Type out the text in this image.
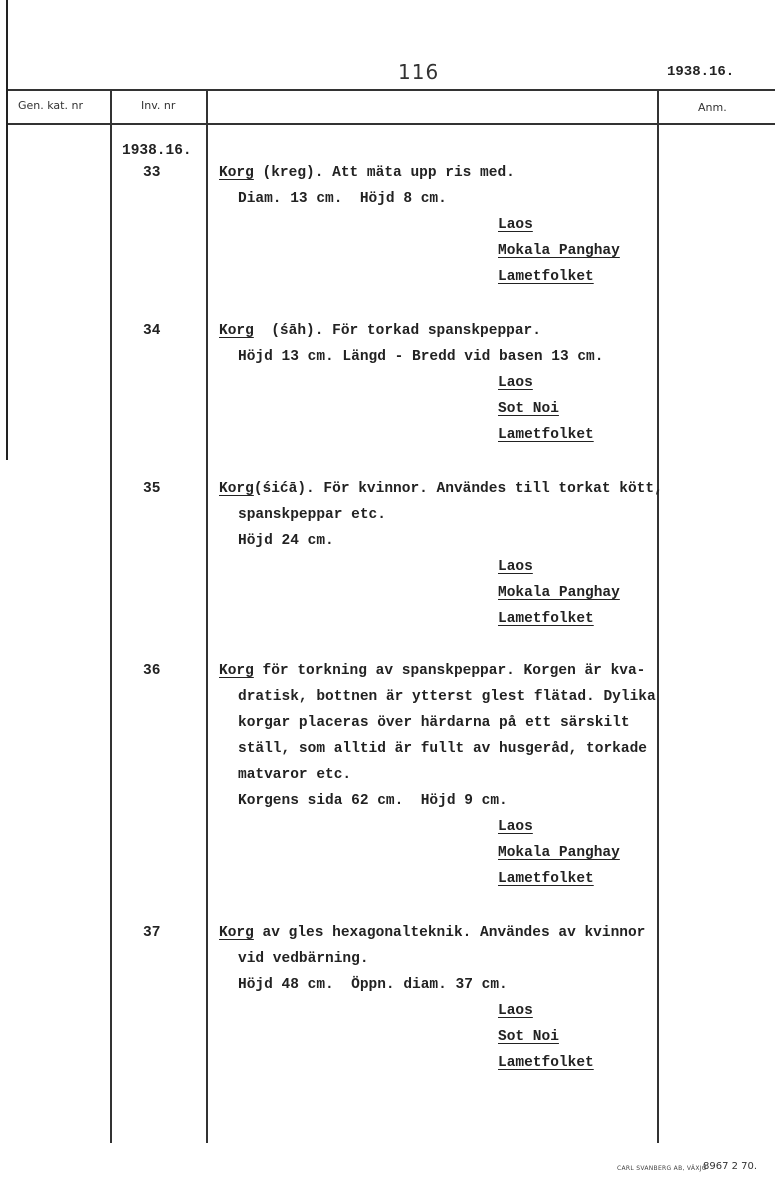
116	1938.16.
Gen. kat. nr	Inv. nr	Anm.
1938.16.
33	Korg (kreg). Att mäta upp ris med.
Diam. 13 cm.  Höjd 8 cm.
Laos
Mokala Panghay
Lametfolket
34	Korg  (śāh). För torkad spanskpeppar.
Höjd 13 cm. Längd - Bredd vid basen 13 cm.
Laos
Sot Noi
Lametfolket
35	Korg(śićā). För kvinnor. Användes till torkat kött,
spanskpeppar etc.
Höjd 24 cm.
Laos
Mokala Panghay
Lametfolket
36	Korg för torkning av spanskpeppar. Korgen är kva-
dratisk, bottnen är ytterst glest flätad. Dylika
korgar placeras över härdarna på ett särskilt
ställ, som alltid är fullt av husgeråd, torkade
matvaror etc.
Korgens sida 62 cm.  Höjd 9 cm.
Laos
Mokala Panghay
Lametfolket
37	Korg av gles hexagonalteknik. Användes av kvinnor
vid vedbärning.
Höjd 48 cm.  Öppn. diam. 37 cm.
Laos
Sot Noi
Lametfolket
CARL SVANBERG AB, VÄXJÖ
8967 2 70.
